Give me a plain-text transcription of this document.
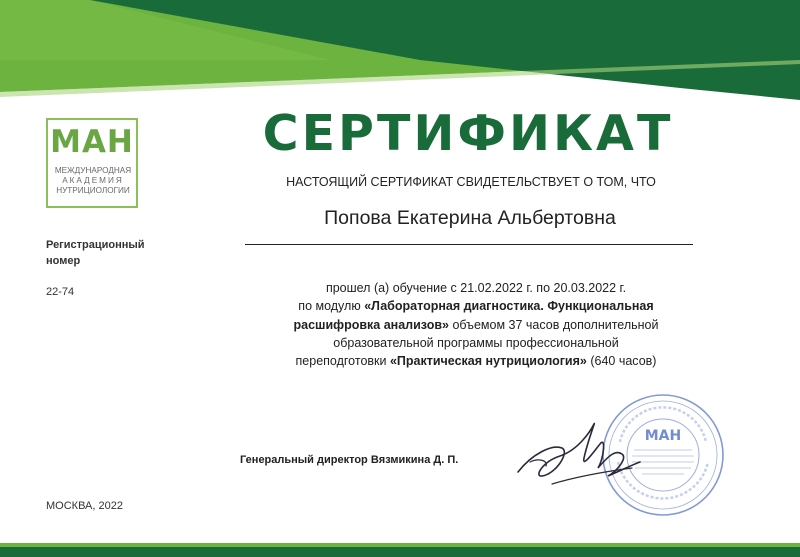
МАН
МЕЖДУНАРОДНАЯ
АКАДЕМИЯ
НУТРИЦИОЛОГИИ
СЕРТИФИКАТ
НАСТОЯЩИЙ СЕРТИФИКАТ СВИДЕТЕЛЬСТВУЕТ О ТОМ, ЧТО
Попова Екатерина Альбертовна
Регистрационный
номер
22-74	прошел (а) обучение с 21.02.2022 г. по 20.03.2022 г.
по модулю «Лабораторная диагностика. Функциональная
расшифровка анализов» объемом 37 часов дополнительной
образовательной программы профессиональной
переподготовки «Практическая нутрициология» (640 часов)
Генеральный директор Вязмикина Д. П.
МАН
МОСКВА, 2022
